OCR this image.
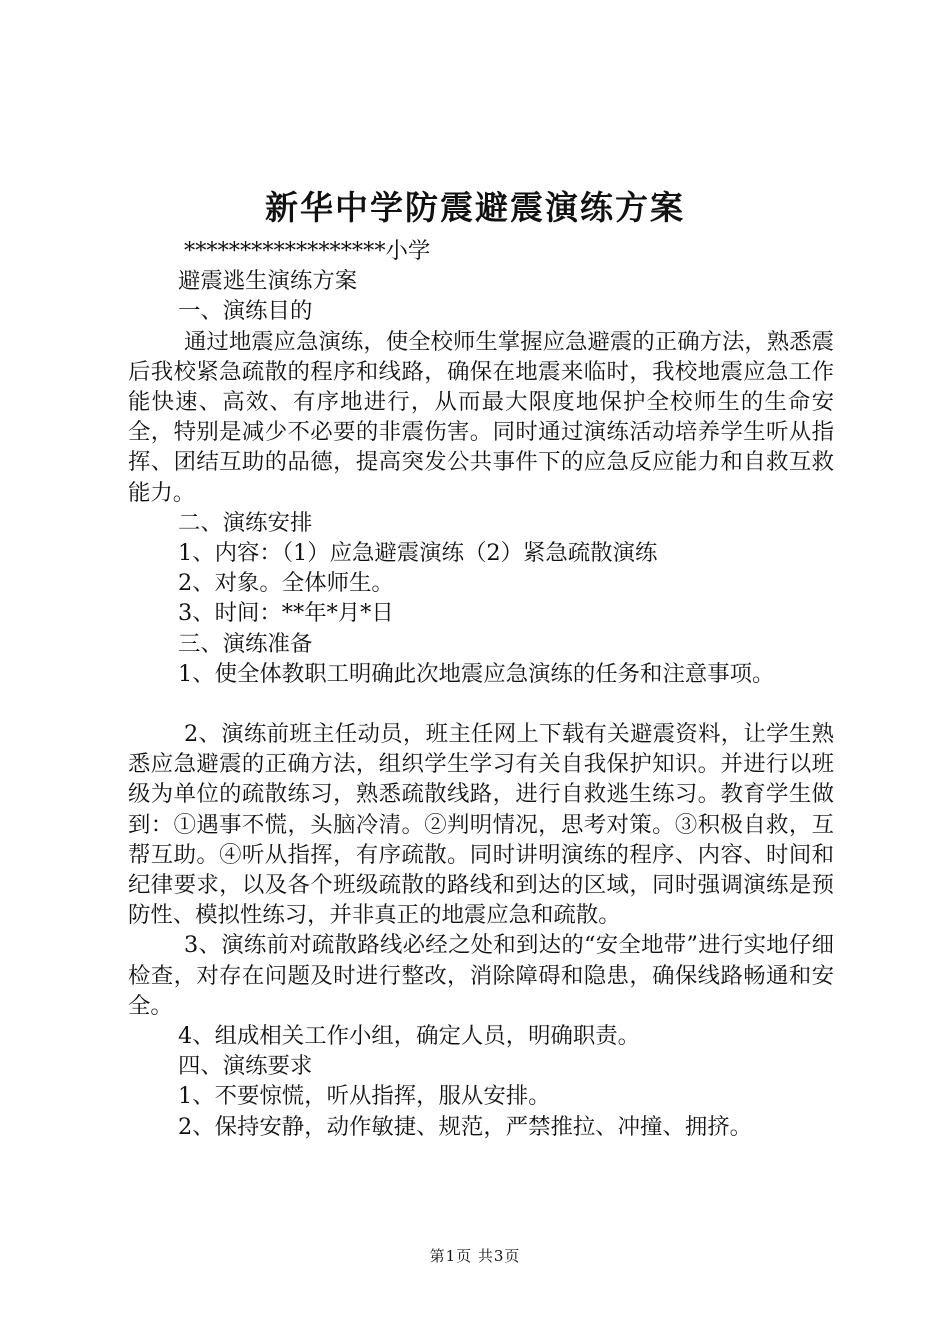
新华中学防震避震演练方案

******************小学

避震逃生演练方案

一、演练目的

通过地震应急演练，使全校师生掌握应急避震的正确方法，熟悉震后我校紧急疏散的程序和线路，确保在地震来临时，我校地震应急工作能快速、高效、有序地进行，从而最大限度地保护全校师生的生命安全，特别是减少不必要的非震伤害。同时通过演练活动培养学生听从指挥、团结互助的品德，提高突发公共事件下的应急反应能力和自救互救能力。

二、演练安排

1、内容：（1）应急避震演练（2）紧急疏散演练

2、对象。全体师生。

3、时间：**年*月*日

三、演练准备

1、使全体教职工明确此次地震应急演练的任务和注意事项。

2、演练前班主任动员，班主任网上下载有关避震资料，让学生熟悉应急避震的正确方法，组织学生学习有关自我保护知识。并进行以班级为单位的疏散练习，熟悉疏散线路，进行自救逃生练习。教育学生做到：①遇事不慌，头脑冷清。②判明情况，思考对策。③积极自救，互帮互助。④听从指挥，有序疏散。同时讲明演练的程序、内容、时间和纪律要求，以及各个班级疏散的路线和到达的区域，同时强调演练是预防性、模拟性练习，并非真正的地震应急和疏散。

3、演练前对疏散路线必经之处和到达的“安全地带”进行实地仔细检查，对存在问题及时进行整改，消除障碍和隐患，确保线路畅通和安全。

4、组成相关工作小组，确定人员，明确职责。

四、演练要求

1、不要惊慌，听从指挥，服从安排。

2、保持安静，动作敏捷、规范，严禁推拉、冲撞、拥挤。

第1页 共3页
